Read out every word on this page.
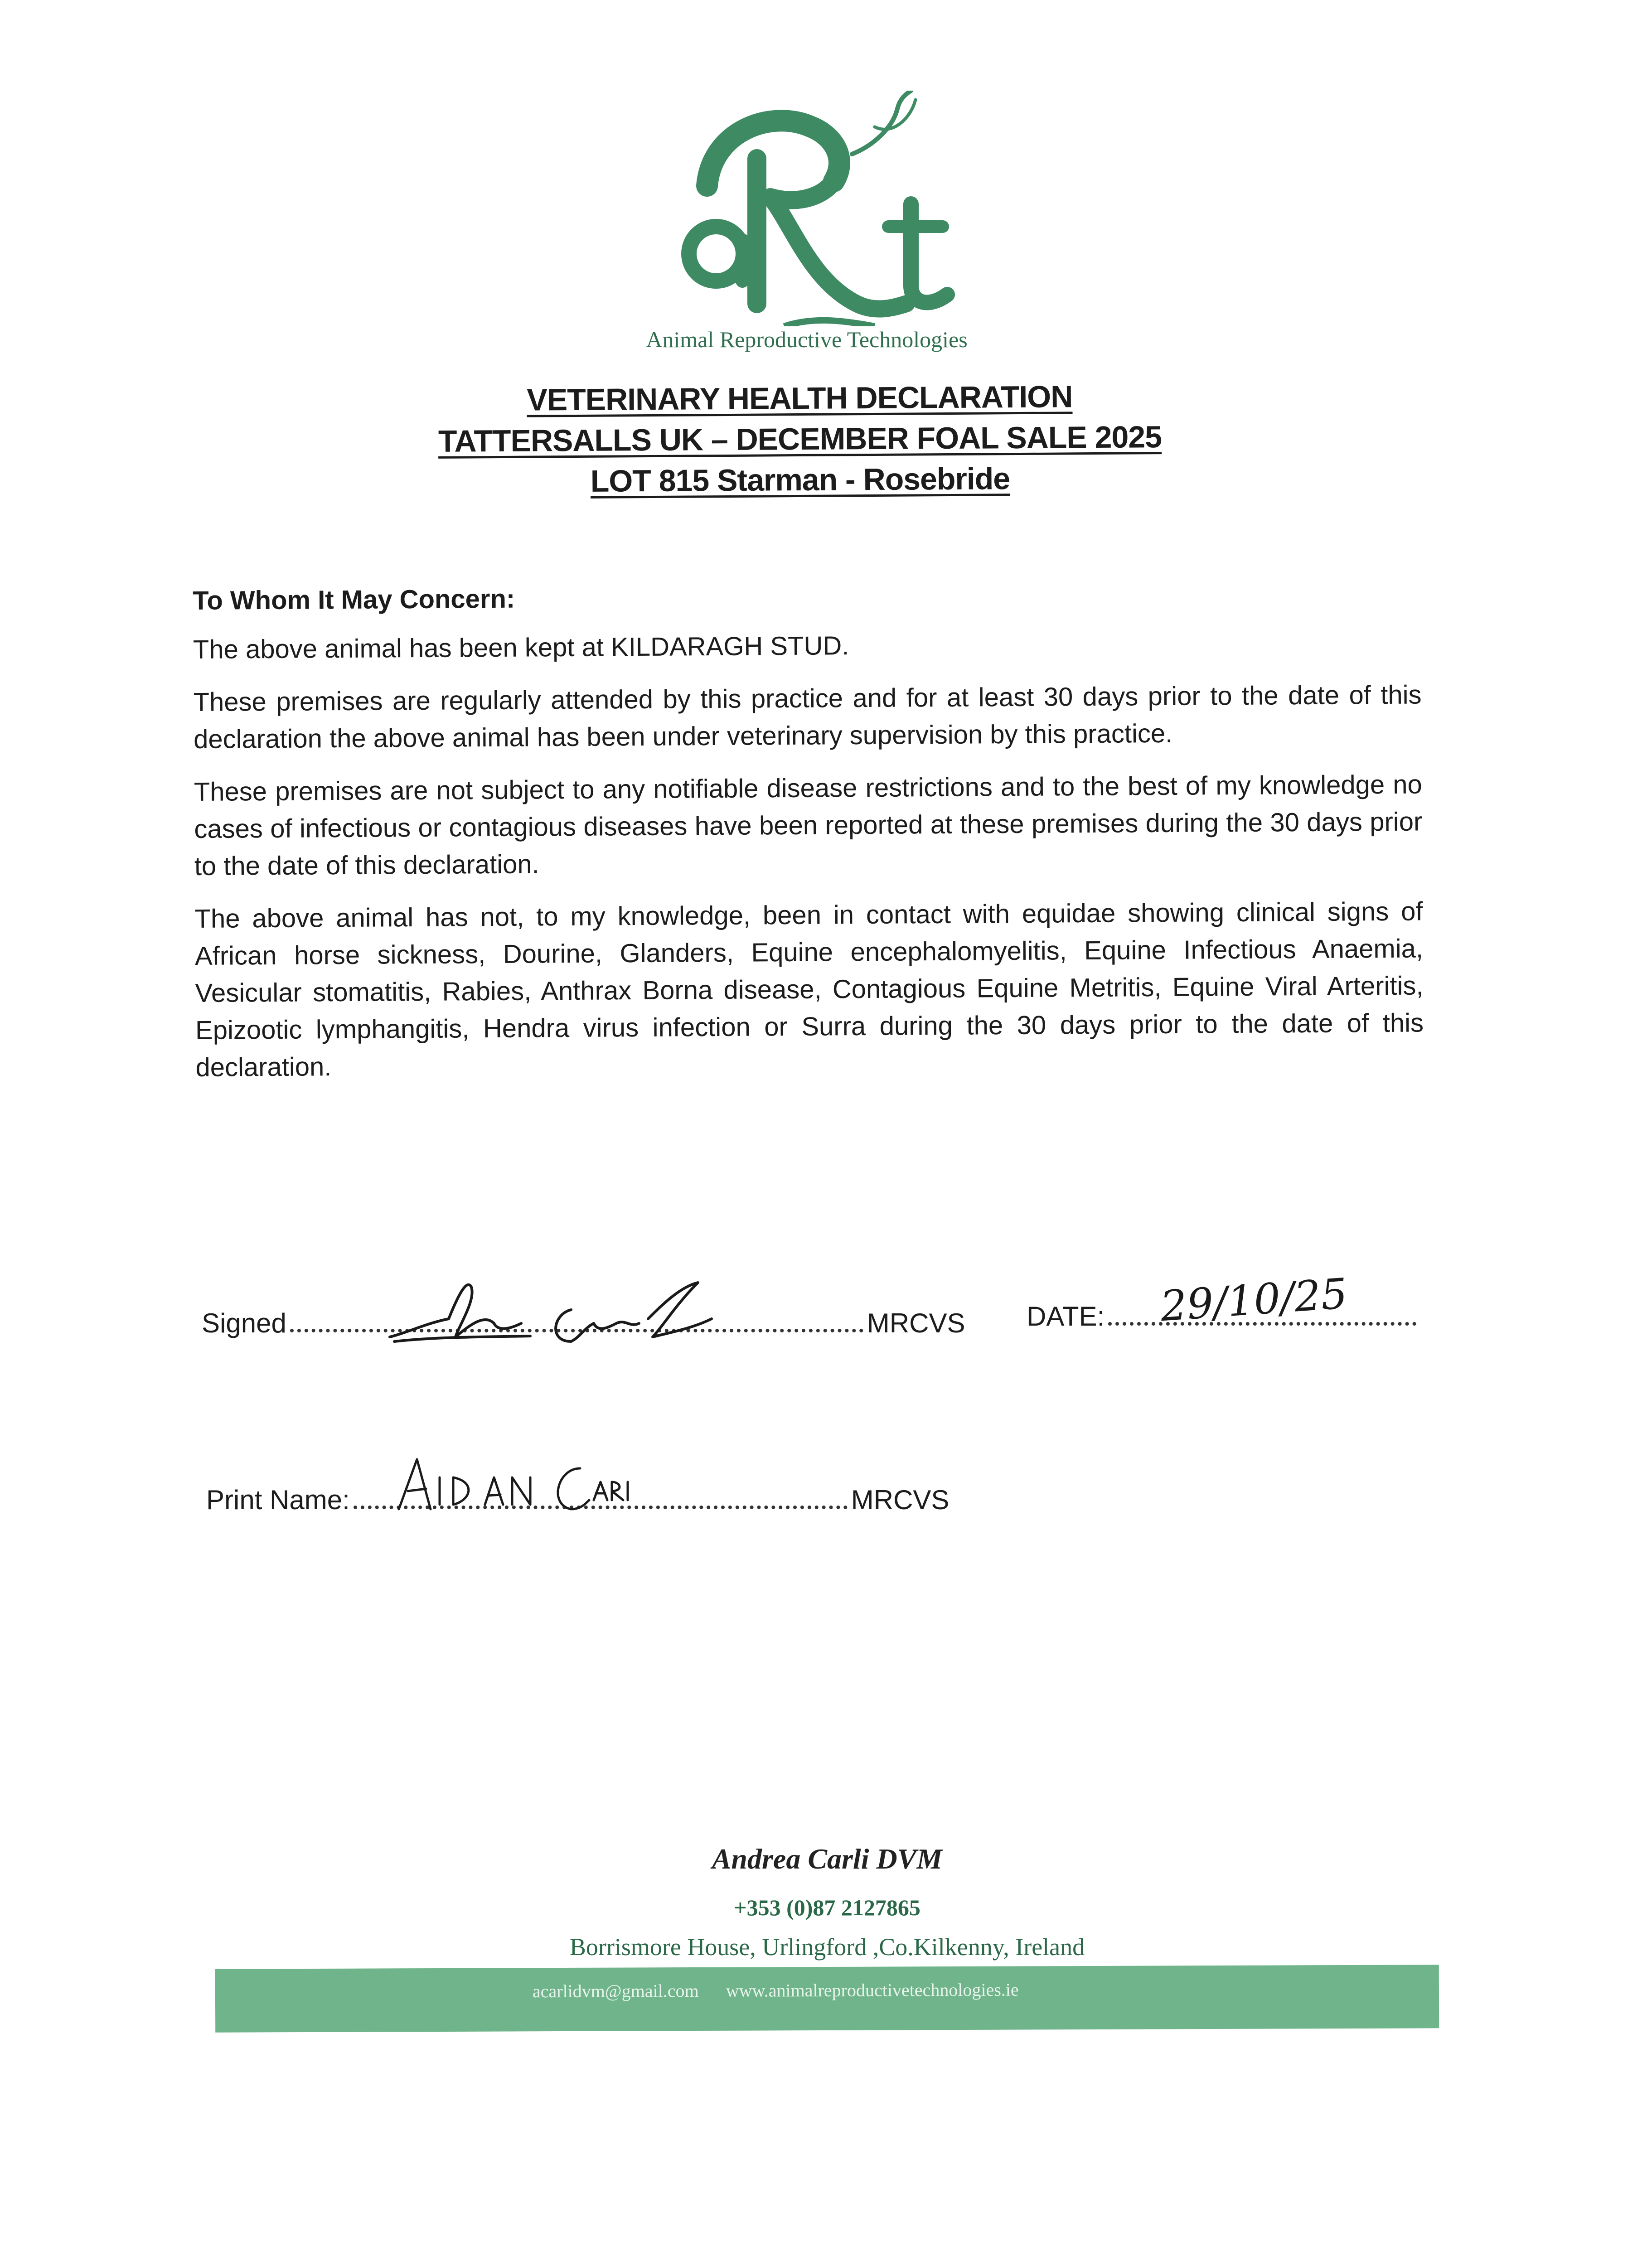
Animal Reproductive Technologies
VETERINARY HEALTH DECLARATION
TATTERSALLS UK – DECEMBER FOAL SALE 2025
LOT 815 Starman - Rosebride

To Whom It May Concern:

The above animal has been kept at KILDARAGH STUD.

These premises are regularly attended by this practice and for at least 30 days prior to the date of this declaration the above animal has been under veterinary supervision by this practice.

These premises are not subject to any notifiable disease restrictions and to the best of my knowledge no cases of infectious or contagious diseases have been reported at these premises during the 30 days prior to the date of this declaration.

The above animal has not, to my knowledge, been in contact with equidae showing clinical signs of African horse sickness, Dourine, Glanders, Equine encephalomyelitis, Equine Infectious Anaemia, Vesicular stomatitis, Rabies, Anthrax Borna disease, Contagious Equine Metritis, Equine Viral Arteritis, Epizootic lymphangitis, Hendra virus infection or Surra during the 30 days prior to the date of this declaration.

Signed	MRCVS DATE: 29/10/25
Print Name:	MRCVS
Andrea Carli DVM
+353 (0)87 2127865
Borrismore House, Urlingford ,Co.Kilkenny, Ireland
acarlidvm@gmail.com www.animalreproductivetechnologies.ie
